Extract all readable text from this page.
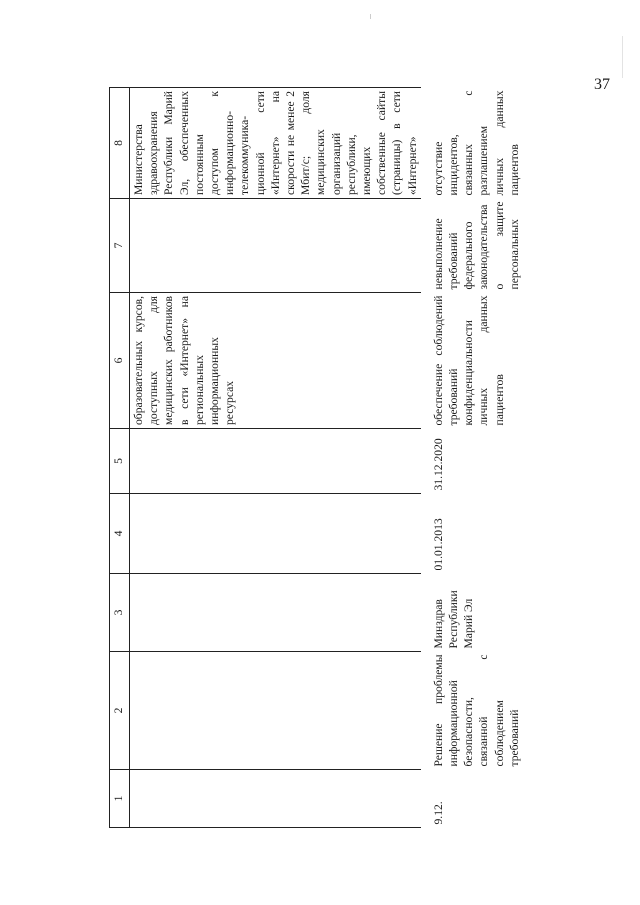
37
1	2	3	4	5	6	7	8
					образовательных курсов, доступных для медицинских работников в сети «Интернет» на региональных информационных ресурсах		Министерства здравоохранения Республики Марий Эл, обеспеченных постоянным доступом к информационно-телекоммуника-ционной сети «Интернет» на скорости не менее 2 Мбит/с; доля медицинских организаций республики, имеющих собственные сайты (страницы) в сети «Интернет»
9.12.	Решение проблемы информационной безопасности, связанной с соблюдением требований	Минздрав Республики Марий Эл	01.01.2013	31.12.2020	обеспечение соблюдений требований конфиденциальности личных данных пациентов	невыполнение требований федерального законодательства о защите персональных	отсутствие инцидентов, связанных с разглашением личных данных пациентов
